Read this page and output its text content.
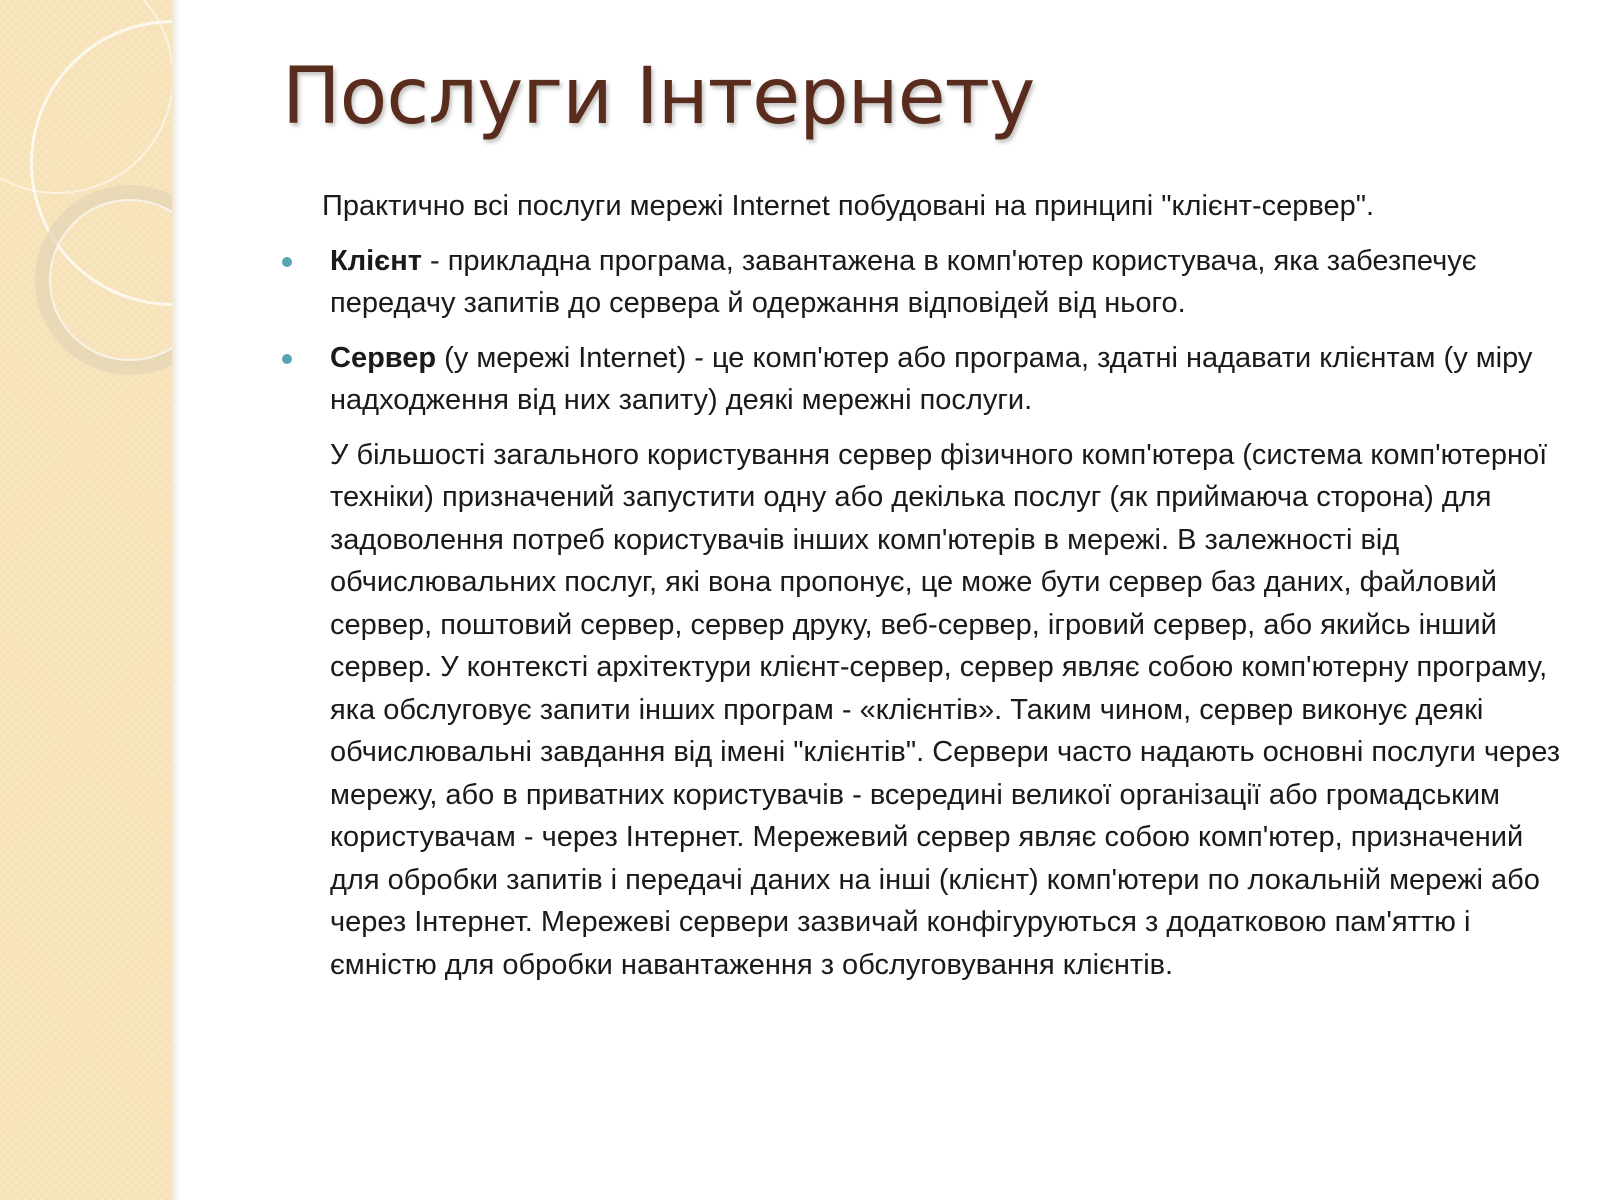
Послуги Інтернету

Практично всі послуги мережі Internet побудовані на принципі "клієнт-сервер".

Клієнт - прикладна програма, завантажена в комп'ютер користувача, яка забезпечує передачу запитів до сервера й одержання відповідей від нього.
Сервер (у мережі Internet) - це комп'ютер або програма, здатні надавати клієнтам (у міру надходження від них запиту) деякі мережні послуги.

У більшості загального користування сервер фізичного комп'ютера (система комп'ютерної техніки) призначений запустити одну або декілька послуг (як приймаюча сторона) для задоволення потреб користувачів інших комп'ютерів в мережі. В залежності від обчислювальних послуг, які вона пропонує, це може бути сервер баз даних, файловий сервер, поштовий сервер, сервер друку, веб-сервер, ігровий сервер, або якийсь інший сервер. У контексті архітектури клієнт-сервер, сервер являє собою комп'ютерну програму, яка обслуговує запити інших програм - «клієнтів». Таким чином, сервер виконує деякі обчислювальні завдання від імені "клієнтів". Сервери часто надають основні послуги через мережу, або в приватних користувачів - всередині великої організації або громадським користувачам - через Інтернет. Мережевий сервер являє собою комп'ютер, призначений для обробки запитів і передачі даних на інші (клієнт) комп'ютери по локальній мережі або через Інтернет. Мережеві сервери зазвичай конфігуруються з додатковою пам'яттю і ємністю для обробки навантаження з обслуговування клієнтів.
